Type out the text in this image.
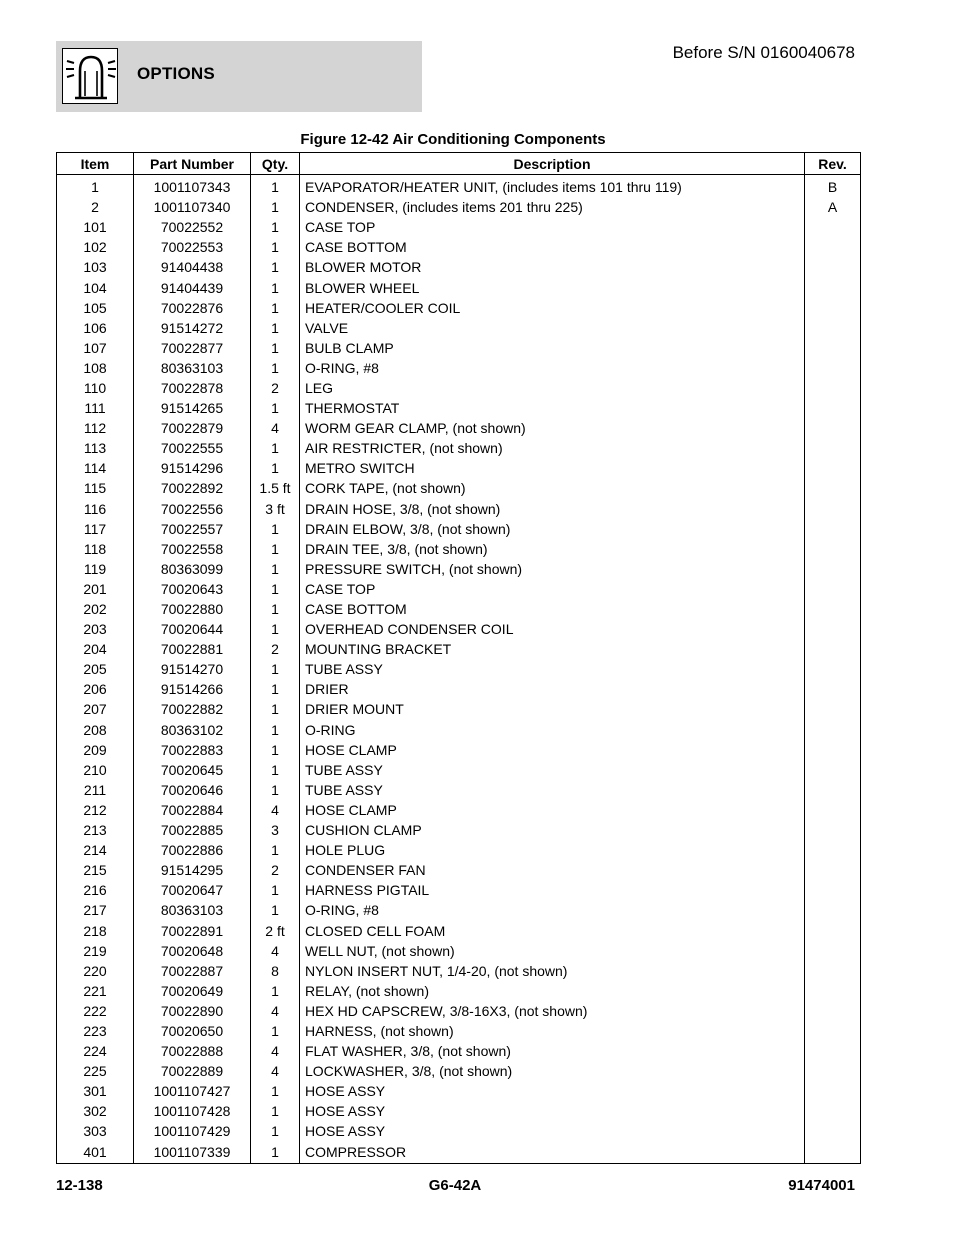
OPTIONS
Before S/N 0160040678
Figure 12-42 Air Conditioning Components
Item	Part Number	Qty.	Description	Rev.
1	1001107343	1	EVAPORATOR/HEATER UNIT, (includes items 101 thru 119)	B
2	1001107340	1	CONDENSER, (includes items 201 thru 225)	A
101	70022552	1	CASE TOP	
102	70022553	1	CASE BOTTOM	
103	91404438	1	BLOWER MOTOR	
104	91404439	1	BLOWER WHEEL	
105	70022876	1	HEATER/COOLER COIL	
106	91514272	1	VALVE	
107	70022877	1	BULB CLAMP	
108	80363103	1	O-RING, #8	
110	70022878	2	LEG	
111	91514265	1	THERMOSTAT	
112	70022879	4	WORM GEAR CLAMP, (not shown)	
113	70022555	1	AIR RESTRICTER, (not shown)	
114	91514296	1	METRO SWITCH	
115	70022892	1.5 ft	CORK TAPE, (not shown)	
116	70022556	3 ft	DRAIN HOSE, 3/8, (not shown)	
117	70022557	1	DRAIN ELBOW, 3/8, (not shown)	
118	70022558	1	DRAIN TEE, 3/8, (not shown)	
119	80363099	1	PRESSURE SWITCH, (not shown)	
201	70020643	1	CASE TOP	
202	70022880	1	CASE BOTTOM	
203	70020644	1	OVERHEAD CONDENSER COIL	
204	70022881	2	MOUNTING BRACKET	
205	91514270	1	TUBE ASSY	
206	91514266	1	DRIER	
207	70022882	1	DRIER MOUNT	
208	80363102	1	O-RING	
209	70022883	1	HOSE CLAMP	
210	70020645	1	TUBE ASSY	
211	70020646	1	TUBE ASSY	
212	70022884	4	HOSE CLAMP	
213	70022885	3	CUSHION CLAMP	
214	70022886	1	HOLE PLUG	
215	91514295	2	CONDENSER FAN	
216	70020647	1	HARNESS PIGTAIL	
217	80363103	1	O-RING, #8	
218	70022891	2 ft	CLOSED CELL FOAM	
219	70020648	4	WELL NUT, (not shown)	
220	70022887	8	NYLON INSERT NUT, 1/4-20, (not shown)	
221	70020649	1	RELAY, (not shown)	
222	70022890	4	HEX HD CAPSCREW, 3/8-16X3, (not shown)	
223	70020650	1	HARNESS, (not shown)	
224	70022888	4	FLAT WASHER, 3/8, (not shown)	
225	70022889	4	LOCKWASHER, 3/8, (not shown)	
301	1001107427	1	HOSE ASSY	
302	1001107428	1	HOSE ASSY	
303	1001107429	1	HOSE ASSY	
401	1001107339	1	COMPRESSOR	
12-138	G6-42A	91474001
